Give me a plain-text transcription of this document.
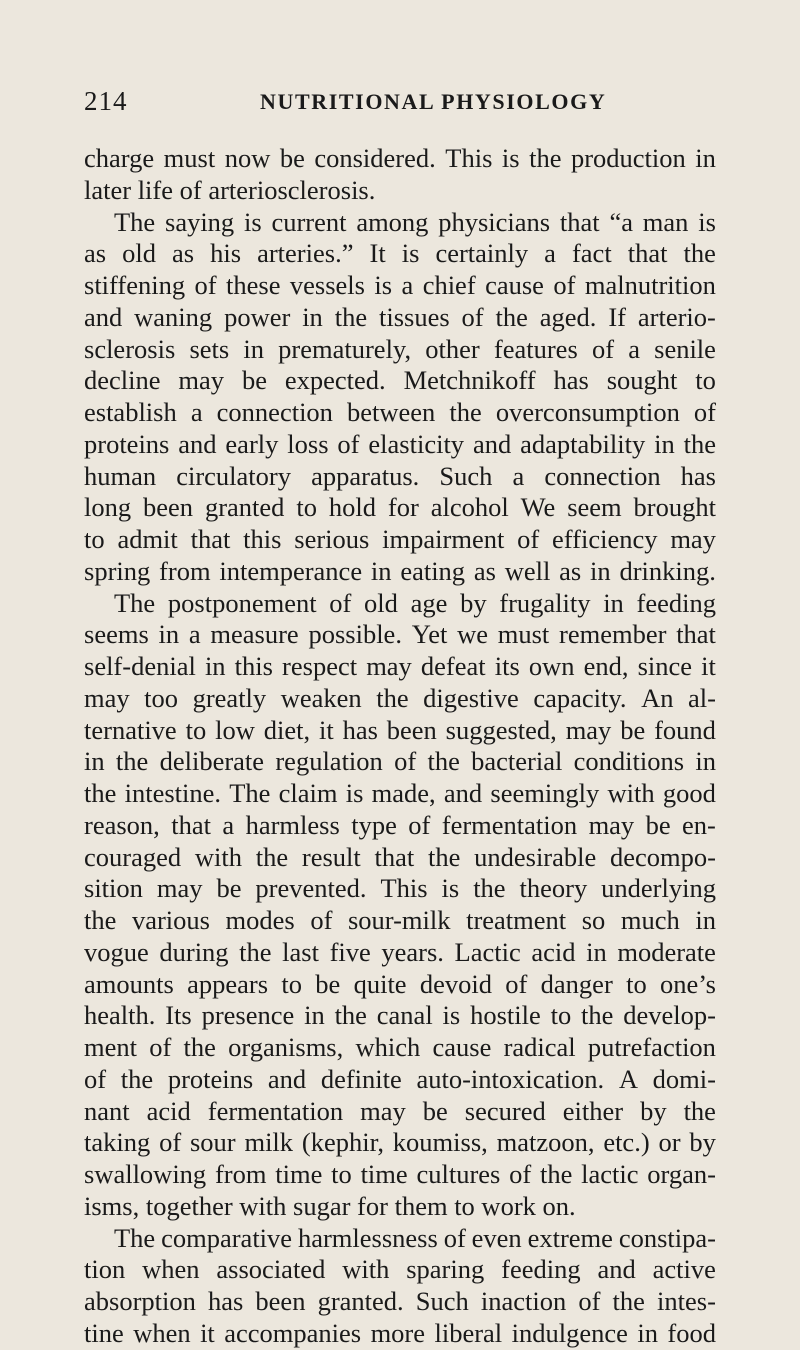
214	NUTRITIONAL PHYSIOLOGY
charge must now be considered. This is the production in
later life of arteriosclerosis.
The saying is current among physicians that “a man is
as old as his arteries.” It is certainly a fact that the
stiffening of these vessels is a chief cause of malnutrition
and waning power in the tissues of the aged. If arterio-
sclerosis sets in prematurely, other features of a senile
decline may be expected. Metchnikoff has sought to
establish a connection between the overconsumption of
proteins and early loss of elasticity and adaptability in the
human circulatory apparatus. Such a connection has
long been granted to hold for alcohol We seem brought
to admit that this serious impairment of efficiency may
spring from intemperance in eating as well as in drinking.
The postponement of old age by frugality in feeding
seems in a measure possible. Yet we must remember that
self-denial in this respect may defeat its own end, since it
may too greatly weaken the digestive capacity. An al-
ternative to low diet, it has been suggested, may be found
in the deliberate regulation of the bacterial conditions in
the intestine. The claim is made, and seemingly with good
reason, that a harmless type of fermentation may be en-
couraged with the result that the undesirable decompo-
sition may be prevented. This is the theory underlying
the various modes of sour-milk treatment so much in
vogue during the last five years. Lactic acid in moderate
amounts appears to be quite devoid of danger to one’s
health. Its presence in the canal is hostile to the develop-
ment of the organisms, which cause radical putrefaction
of the proteins and definite auto-intoxication. A domi-
nant acid fermentation may be secured either by the
taking of sour milk (kephir, koumiss, matzoon, etc.) or by
swallowing from time to time cultures of the lactic organ-
isms, together with sugar for them to work on.
The comparative harmlessness of even extreme constipa-
tion when associated with sparing feeding and active
absorption has been granted. Such inaction of the intes-
tine when it accompanies more liberal indulgence in food
